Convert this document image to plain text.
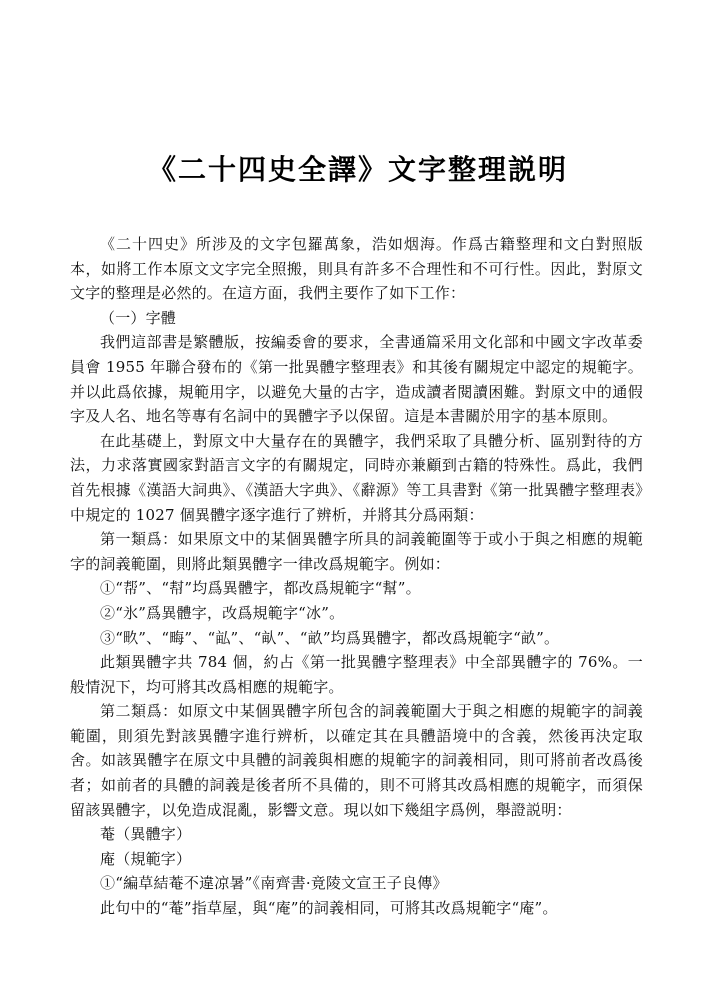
《二十四史全譯》文字整理説明

《二十四史》所涉及的文字包羅萬象，浩如烟海。作爲古籍整理和文白對照版本，如將工作本原文文字完全照搬，則具有許多不合理性和不可行性。因此，對原文文字的整理是必然的。在這方面，我們主要作了如下工作：

（一）字體

我們這部書是繁體版，按編委會的要求，全書通篇采用文化部和中國文字改革委員會 1955 年聯合發布的《第一批異體字整理表》和其後有關規定中認定的規範字。并以此爲依據，規範用字，以避免大量的古字，造成讀者閱讀困難。對原文中的通假字及人名、地名等專有名詞中的異體字予以保留。這是本書關於用字的基本原則。

在此基礎上，對原文中大量存在的異體字，我們采取了具體分析、區别對待的方法，力求落實國家對語言文字的有關規定，同時亦兼顧到古籍的特殊性。爲此，我們首先根據《漢語大詞典》、《漢語大字典》、《辭源》等工具書對《第一批異體字整理表》中規定的 1027 個異體字逐字進行了辨析，并將其分爲兩類：

第一類爲：如果原文中的某個異體字所具的詞義範圍等于或小于與之相應的規範字的詞義範圍，則將此類異體字一律改爲規範字。例如：

①“帮”、“幇”均爲異體字，都改爲規範字“幫”。

②“氷”爲異體字，改爲規範字“冰”。

③“畂”、“畮”、“畆”、“畒”、“畝”均爲異體字，都改爲規範字“畝”。

此類異體字共 784 個，約占《第一批異體字整理表》中全部異體字的 76%。一般情況下，均可將其改爲相應的規範字。

第二類爲：如原文中某個異體字所包含的詞義範圍大于與之相應的規範字的詞義範圍，則須先對該異體字進行辨析，以確定其在具體語境中的含義，然後再決定取舍。如該異體字在原文中具體的詞義與相應的規範字的詞義相同，則可將前者改爲後者；如前者的具體的詞義是後者所不具備的，則不可將其改爲相應的規範字，而須保留該異體字，以免造成混亂，影響文意。現以如下幾組字爲例，舉證説明：

菴（異體字）

庵（規範字）

①“編草結菴不違凉暑”《南齊書·竟陵文宣王子良傳》

此句中的“菴”指草屋，與“庵”的詞義相同，可將其改爲規範字“庵”。
